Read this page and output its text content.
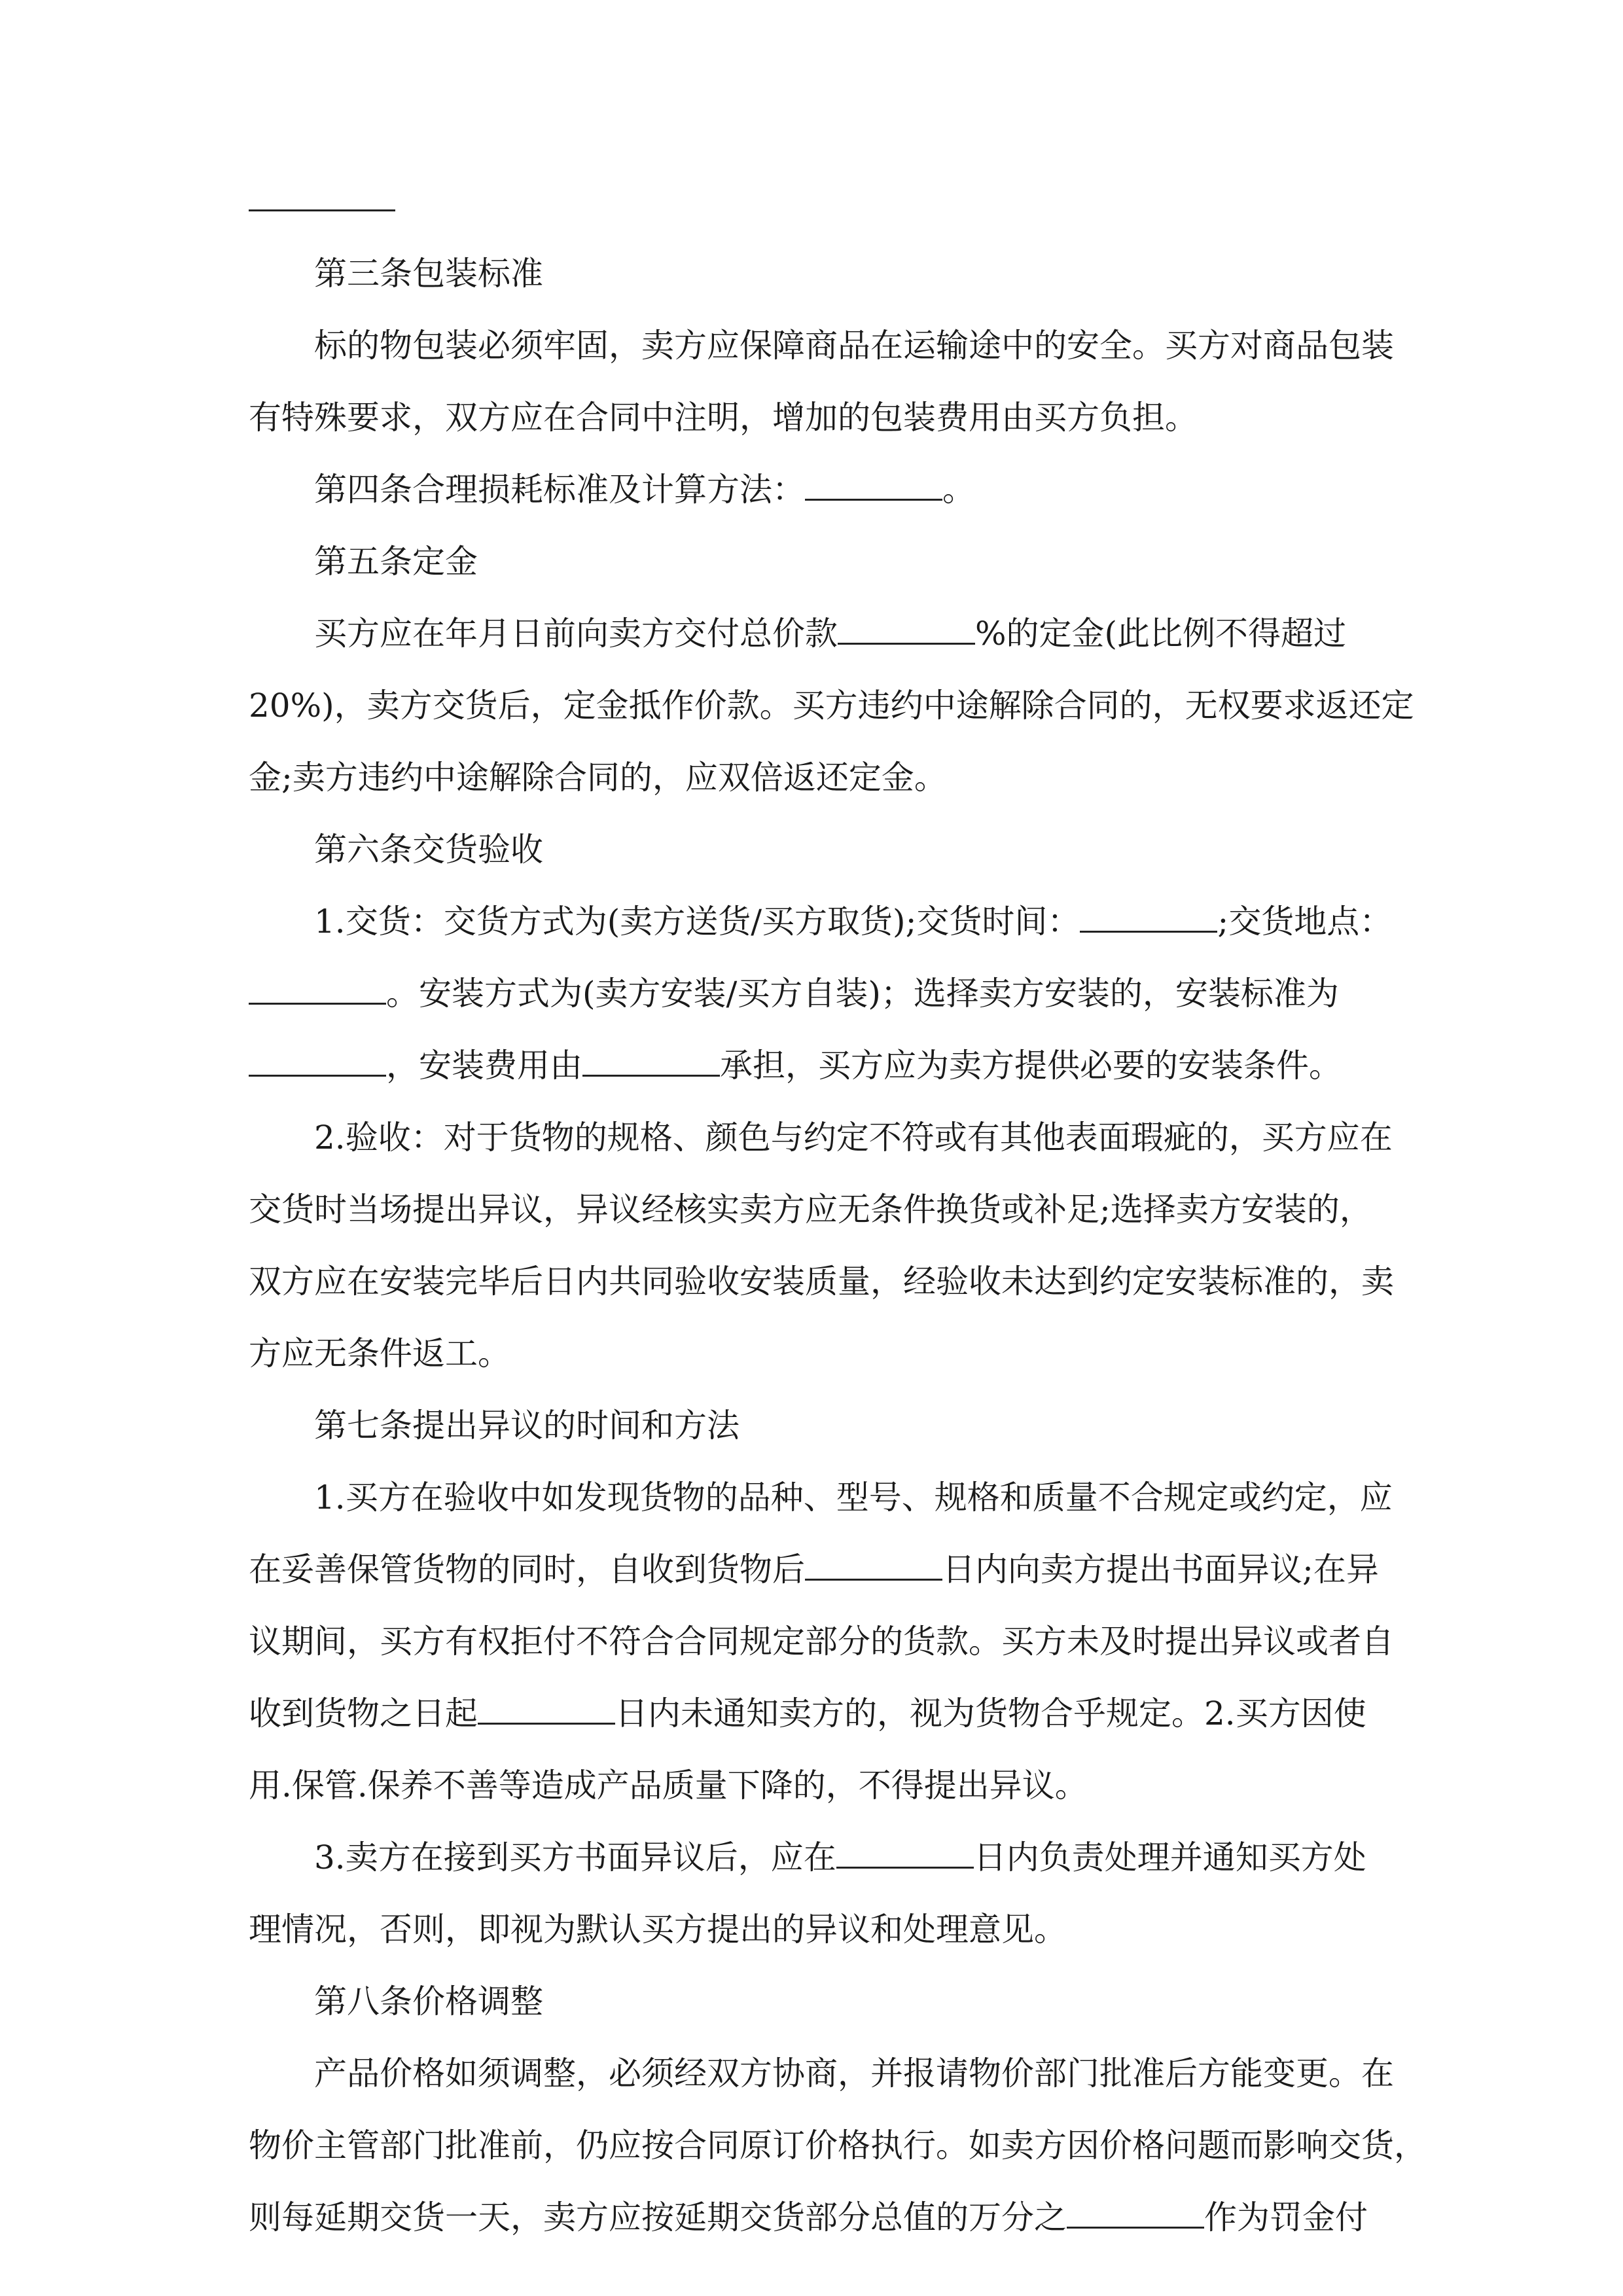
第三条包装标准
标的物包装必须牢固，卖方应保障商品在运输途中的安全。买方对商品包装
有特殊要求，双方应在合同中注明，增加的包装费用由买方负担。
第四条合理损耗标准及计算方法：	。
第五条定金
买方应在年月日前向卖方交付总价款	%的定金(此比例不得超过
20%)，卖方交货后，定金抵作价款。买方违约中途解除合同的，无权要求返还定
金;卖方违约中途解除合同的，应双倍返还定金。
第六条交货验收
1.交货：交货方式为(卖方送货/买方取货);交货时间：	;交货地点：
。安装方式为(卖方安装/买方自装)；选择卖方安装的，安装标准为
，安装费用由	承担，买方应为卖方提供必要的安装条件。
2.验收：对于货物的规格、颜色与约定不符或有其他表面瑕疵的，买方应在
交货时当场提出异议，异议经核实卖方应无条件换货或补足;选择卖方安装的，
双方应在安装完毕后日内共同验收安装质量，经验收未达到约定安装标准的，卖
方应无条件返工。
第七条提出异议的时间和方法
1.买方在验收中如发现货物的品种、型号、规格和质量不合规定或约定，应
在妥善保管货物的同时，自收到货物后	日内向卖方提出书面异议;在异
议期间，买方有权拒付不符合合同规定部分的货款。买方未及时提出异议或者自
收到货物之日起	日内未通知卖方的，视为货物合乎规定。2.买方因使
用.保管.保养不善等造成产品质量下降的，不得提出异议。
3.卖方在接到买方书面异议后，应在	日内负责处理并通知买方处
理情况，否则，即视为默认买方提出的异议和处理意见。
第八条价格调整
产品价格如须调整，必须经双方协商，并报请物价部门批准后方能变更。在
物价主管部门批准前，仍应按合同原订价格执行。如卖方因价格问题而影响交货，
则每延期交货一天，卖方应按延期交货部分总值的万分之	作为罚金付
